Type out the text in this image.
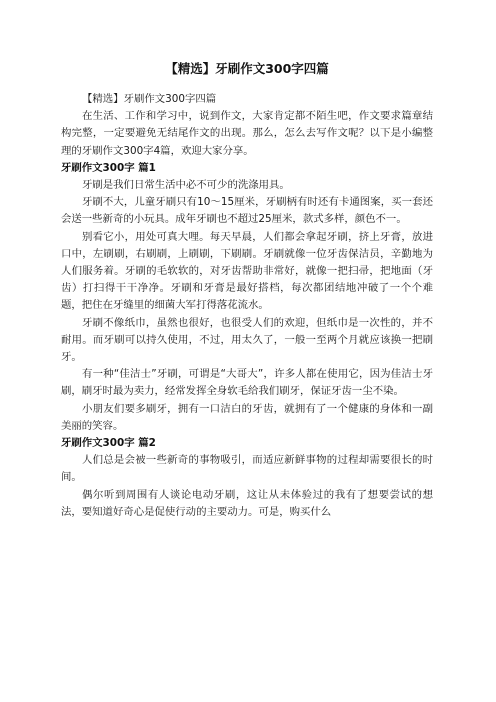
【精选】牙刷作文300字四篇

【精选】牙刷作文300字四篇

在生活、工作和学习中，说到作文，大家肯定都不陌生吧，作文要求篇章结构完整，一定要避免无结尾作文的出现。那么，怎么去写作文呢？以下是小编整理的牙刷作文300字4篇，欢迎大家分享。

牙刷作文300字 篇1

牙刷是我们日常生活中必不可少的洗涤用具。

牙刷不大，儿童牙刷只有10～15厘米，牙刷柄有时还有卡通图案，买一套还会送一些新奇的小玩具。成年牙刷也不超过25厘米，款式多样，颜色不一。

别看它小，用处可真大哩。每天早晨，人们都会拿起牙刷，挤上牙膏，放进口中，左刷刷，右刷刷，上刷刷，下刷刷。牙刷就像一位牙齿保洁员，辛勤地为人们服务着。牙刷的毛软软的，对牙齿帮助非常好，就像一把扫帚，把地面（牙齿）打扫得干干净净。牙刷和牙膏是最好搭档，每次都团结地冲破了一个个难题，把住在牙缝里的细菌大军打得落花流水。

牙刷不像纸巾，虽然也很好，也很受人们的欢迎，但纸巾是一次性的，并不耐用。而牙刷可以持久使用，不过，用太久了，一般一至两个月就应该换一把刷牙。

有一种“佳洁士”牙刷，可谓是“大哥大”，许多人都在使用它，因为佳洁士牙刷，刷牙时最为卖力，经常发挥全身软毛给我们刷牙，保证牙齿一尘不染。

小朋友们要多刷牙，拥有一口洁白的牙齿，就拥有了一个健康的身体和一副美丽的笑容。

牙刷作文300字 篇2

人们总是会被一些新奇的事物吸引，而适应新鲜事物的过程却需要很长的时间。

偶尔听到周围有人谈论电动牙刷，这让从未体验过的我有了想要尝试的想法，要知道好奇心是促使行动的主要动力。可是，购买什么
